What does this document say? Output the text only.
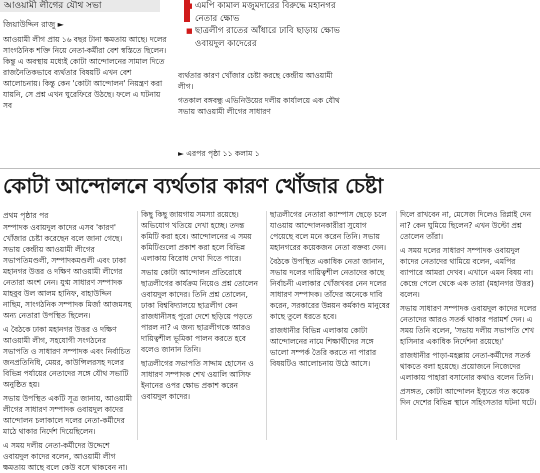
আওয়ামী লীগের যৌথ সভা
জিয়াউদ্দিন রাজু ►

আওয়ামী লীগ প্রায় ১৬ বছর টানা ক্ষমতায় আছে। দলের সাংগঠনিক শক্তি নিয়ে নেতা-কর্মীরা বেশ স্বস্তিতে ছিলেন। কিন্তু এ অবস্থায় মধ্যেই কোটা আন্দোলনের সামাল দিতে রাজনৈতিকভাবে ব্যর্থতার বিষয়টি এখন বেশ আলোচনায়। কিন্তু কেন 'কোটা আন্দোলন' নিয়ন্ত্রণ করা যায়নি, সে প্রশ্ন এখন ঘুরেফিরে উঠছে। ফলে এ ঘটনায় সব

■ এমপি কামাল মজুমদারের বিরুদ্ধে মহানগর নেতার ক্ষোভ
■ ছাত্রলীগ রাতের আঁধারে ঢাবি ছাড়ায় ক্ষোভ ওবায়দুল কাদেরের

ব্যর্থতার কারণ খোঁজার চেষ্টা করছে কেন্দ্রীয় আওয়ামী লীগ।

গতকাল বঙ্গবন্ধু এভিনিউয়ের দলীয় কার্যালয়ে এক যৌথ সভায় আওয়ামী লীগের সাধারণ

► এরপর পৃষ্ঠা ১১ কলাম ১
কোটা আন্দোলনে ব্যর্থতার কারণ খোঁজার চেষ্টা
প্রথম পৃষ্ঠার পর

সম্পাদক ওবায়দুল কাদের এসব 'কারণ' খোঁজার চেষ্টা করেছেন বলে জানা গেছে। সভায় কেন্দ্রীয় আওয়ামী লীগের সভাপতিমণ্ডলী, সম্পাদকমণ্ডলী এবং ঢাকা মহানগর উত্তর ও দক্ষিণ আওয়ামী লীগের নেতারা অংশ নেন। যুগ্ম সাধারণ সম্পাদক মাহবুব উল আলম হানিফ, বাহাউদ্দিন নাছিম, সাংগঠনিক সম্পাদক মির্জা আজমসহ অন্য নেতারা উপস্থিত ছিলেন।

এ বৈঠকে ঢাকা মহানগর উত্তর ও দক্ষিণ আওয়ামী লীগ, সহযোগী সংগঠনের সভাপতি ও সাধারণ সম্পাদক এবং নির্বাচিত জনপ্রতিনিধি, মেয়র, কাউন্সিলরসহ দলের বিভিন্ন পর্যায়ের নেতাদের সঙ্গে যৌথ সভাটি অনুষ্ঠিত হয়।

সভায় উপস্থিত একটি সূত্র জানায়, আওয়ামী লীগের সাধারণ সম্পাদক ওবায়দুল কাদের আন্দোলন চলাকালে দলের নেতা-কর্মীদের মাঠে থাকার নির্দেশ দিয়েছিলেন।

এ সময় দলীয় নেতা-কর্মীদের উদ্দেশে ওবায়দুল কাদের বলেন, আওয়ামী লীগ ক্ষমতায় আছে বলে কেউ বসে থাকবেন না।

কিছু কিছু জায়গায় সমস্যা রয়েছে। অভিযোগ খতিয়ে দেখা হচ্ছে। তদন্ত কমিটি করা হবে। আন্দোলনের এ সময় কমিটিগুলো প্রকাশ করা হলে বিভিন্ন এলাকায় বিরোধ দেখা দিতে পারে।

সভায় কোটা আন্দোলন প্রতিরোধে ছাত্রলীগের কার্যক্রম নিয়েও প্রশ্ন তোলেন ওবায়দুল কাদের। তিনি প্রশ্ন তোলেন, ঢাকা বিশ্ববিদ্যালয়ে ছাত্রলীগ কেন রাজধানীসহ পুরো দেশে ছড়িয়ে পড়তে পারল না? এ জন্য ছাত্রলীগকে আরও দায়িত্বশীল ভূমিকা পালন করতে হবে বলেও জানান তিনি।

ছাত্রলীগের সভাপতি সাদ্দাম হোসেন ও সাধারণ সম্পাদক শেখ ওয়ালি আসিফ ইনানের ওপর ক্ষোভ প্রকাশ করেন ওবায়দুল কাদের।

ছাত্রলীগের নেতারা ক্যাম্পাস ছেড়ে চলে যাওয়ায় আন্দোলনকারীরা সুযোগ পেয়েছে বলে মনে করেন তিনি। সভায় মহানগরের কয়েকজন নেতা বক্তব্য দেন।

বৈঠকে উপস্থিত একাধিক নেতা জানান, সভায় দলের দায়িত্বশীল নেতাদের কাছে নির্বাচনী এলাকার খোঁজখবর নেন দলের সাধারণ সম্পাদক। তাঁদের অনেকে দাবি করেন, সরকারের উন্নয়ন কর্মকাণ্ড মানুষের কাছে তুলে ধরতে হবে।

রাজধানীর বিভিন্ন এলাকায় কোটা আন্দোলনের নামে শিক্ষার্থীদের সঙ্গে ভালো সম্পর্ক তৈরি করতে না পারার বিষয়টিও আলোচনায় উঠে আসে।

দিলে রাখবেন না, মেসেজ দিলেও রিপ্লাই দেন না? কেন ঘুমিয়ে ছিলেন? এখন উল্টো প্রশ্ন তোলেন তাঁরা।

এ সময় দলের সাধারণ সম্পাদক ওবায়দুল কাদের নেতাদের থামিয়ে বলেন, এমপির ব্যাপারে আমরা দেখব। এখানে এমন বিষয় না। কেন্দ্রে পেলে থেকে এক তারা (মহানগর উত্তর) বলেন।

সভায় সাধারণ সম্পাদক ওবায়দুল কাদের দলের নেতাদের আরও সতর্ক থাকার পরামর্শ দেন। এ সময় তিনি বলেন, 'সভায় দলীয় সভাপতি শেখ হাসিনার একাধিক নির্দেশনা রয়েছে।'

রাজধানীর পাড়া-মহল্লায় নেতা-কর্মীদের সতর্ক থাকতে বলা হয়েছে। প্রয়োজনে নিজেদের এলাকায় পাহারা বসানোর কথাও বলেন তিনি।

প্রসঙ্গত, কোটা আন্দোলন ইস্যুতে গত কয়েক দিন দেশের বিভিন্ন স্থানে সহিংসতার ঘটনা ঘটে।
